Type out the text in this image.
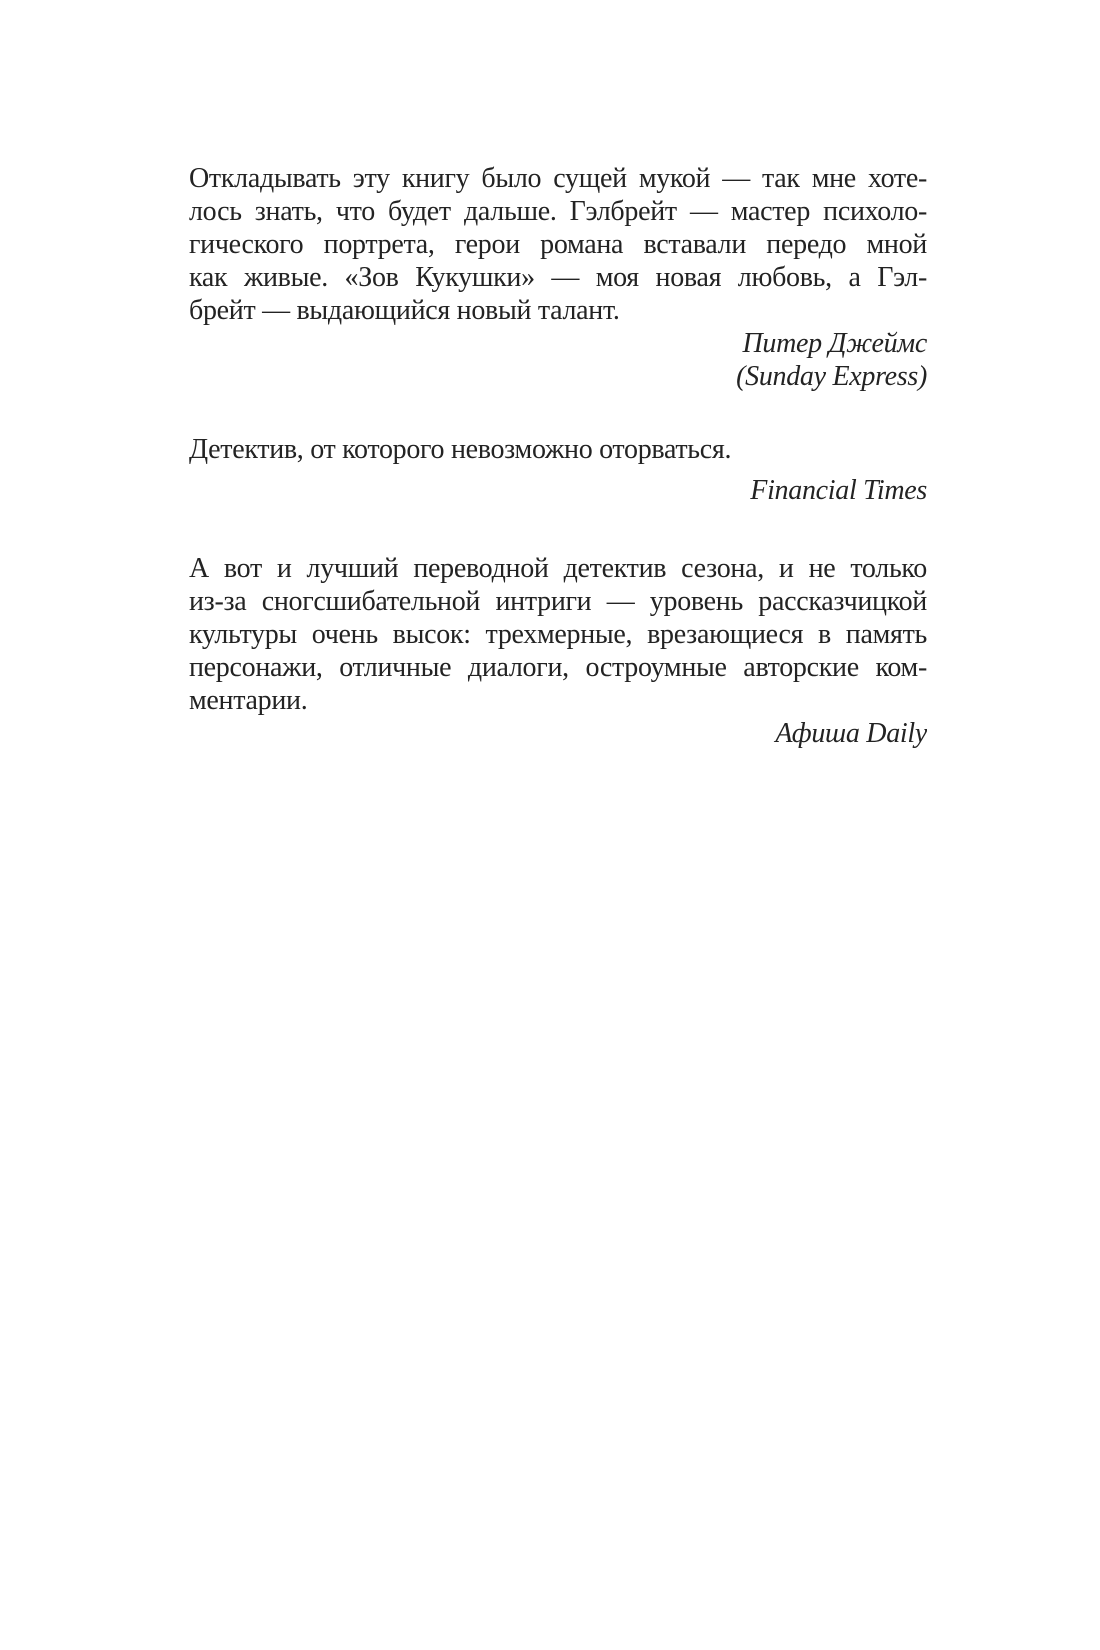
Откладывать эту книгу было сущей мукой — так мне хоте-
лось знать, что будет дальше. Гэлбрейт — мастер психоло-
гического портрета, герои романа вставали передо мной
как живые. «Зов Кукушки» — моя новая любовь, а Гэл-
брейт — выдающийся новый талант.
Питер Джеймс
(Sunday Express)
Детектив, от которого невозможно оторваться.
Financial Times
А вот и лучший переводной детектив сезона, и не только
из-за сногсшибательной интриги — уровень рассказчицкой
культуры очень высок: трехмерные, врезающиеся в память
персонажи, отличные диалоги, остроумные авторские ком-
ментарии.
Афиша Daily
